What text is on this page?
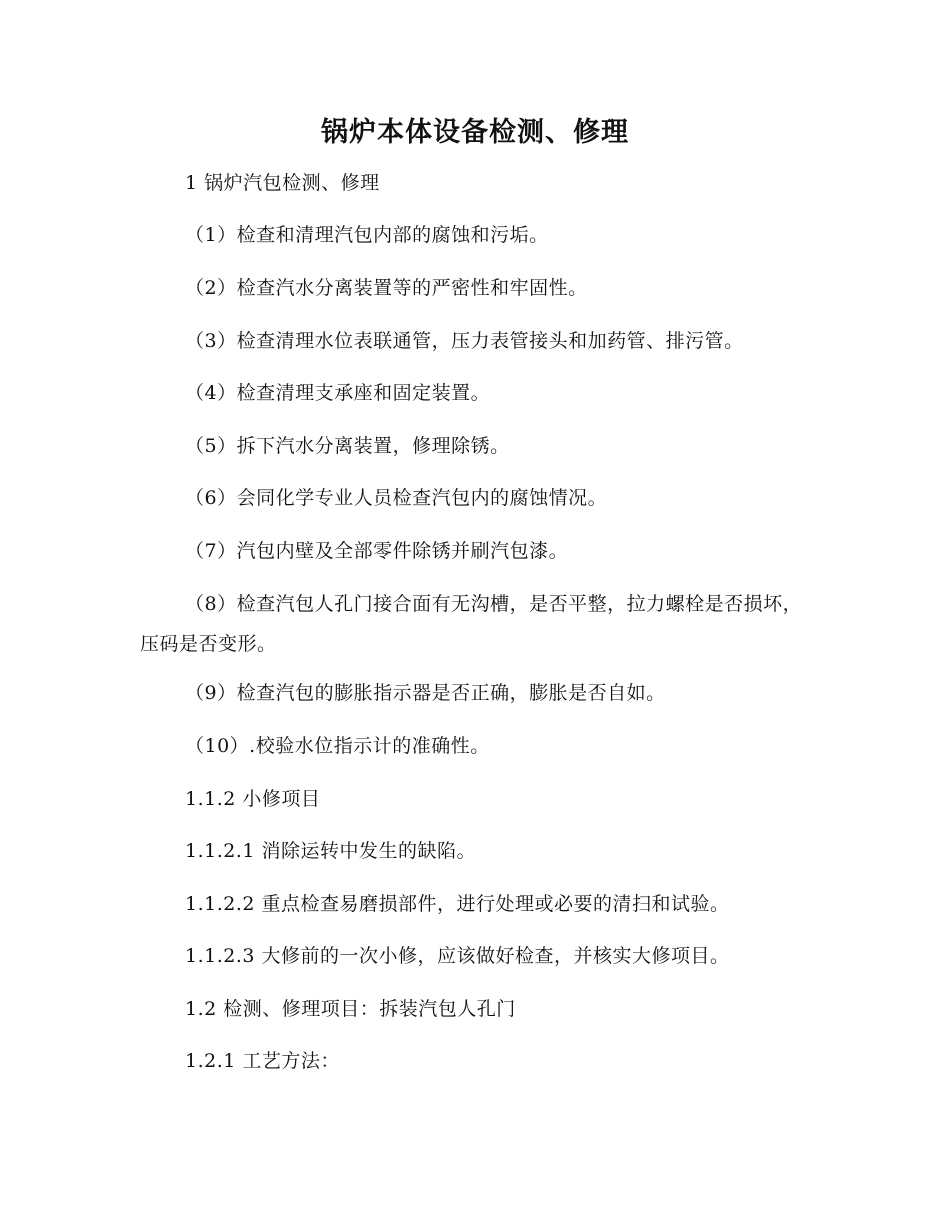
锅炉本体设备检测、修理

1 锅炉汽包检测、修理

（1）检查和清理汽包内部的腐蚀和污垢。

（2）检查汽水分离装置等的严密性和牢固性。

（3）检查清理水位表联通管，压力表管接头和加药管、排污管。

（4）检查清理支承座和固定装置。

（5）拆下汽水分离装置，修理除锈。

（6）会同化学专业人员检查汽包内的腐蚀情况。

（7）汽包内壁及全部零件除锈并刷汽包漆。

（8）检查汽包人孔门接合面有无沟槽，是否平整，拉力螺栓是否损坏，压码是否变形。

（9）检查汽包的膨胀指示器是否正确，膨胀是否自如。

（10）.校验水位指示计的准确性。

1.1.2 小修项目

1.1.2.1 消除运转中发生的缺陷。

1.1.2.2 重点检查易磨损部件，进行处理或必要的清扫和试验。

1.1.2.3 大修前的一次小修，应该做好检查，并核实大修项目。

1.2 检测、修理项目：拆装汽包人孔门

1.2.1 工艺方法：
